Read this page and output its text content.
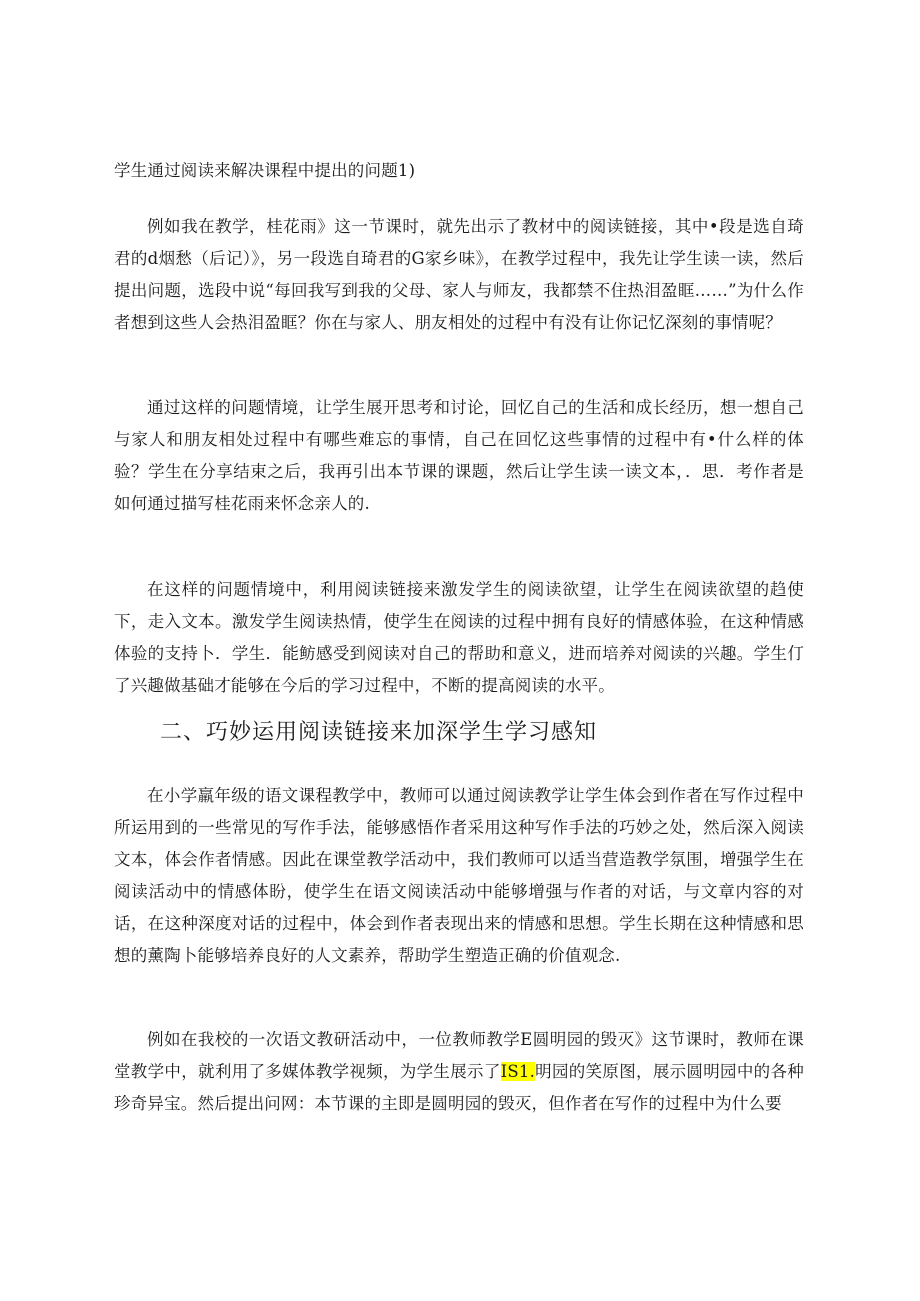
学生通过阅读来解决课程中提出的问题1)

例如我在教学，桂花雨》这一节课时，就先出示了教材中的阅读链接，其中•段是选自琦君的d烟愁（后记）》，另一段选自琦君的G家乡味》，在教学过程中，我先让学生读一读，然后提出问题，选段中说“每回我写到我的父母、家人与师友，我都禁不住热泪盈眶……”为什么作者想到这些人会热泪盈眶？你在与家人、朋友相处的过程中有没有让你记忆深刻的事情呢？

通过这样的问题情境，让学生展开思考和讨论，回忆自己的生活和成长经历，想一想自己与家人和朋友相处过程中有哪些难忘的事情，自己在回忆这些事情的过程中有•什么样的体验？学生在分享结束之后，我再引出本节课的课题，然后让学生读一读文本，．思．考作者是如何通过描写桂花雨来怀念亲人的.

在这样的问题情境中，利用阅读链接来激发学生的阅读欲望，让学生在阅读欲望的趋使下，走入文本。激发学生阅读热情，使学生在阅读的过程中拥有良好的情感体验，在这种情感体验的支持卜．学生．能鲂感受到阅读对自己的帮助和意义，进而培养对阅读的兴趣。学生仃了兴趣做基础才能够在今后的学习过程中，不断的提高阅读的水平。

二、巧妙运用阅读链接来加深学生学习感知

在小学羸年级的语文课程教学中，教师可以通过阅读教学让学生体会到作者在写作过程中所运用到的一些常见的写作手法，能够感悟作者采用这种写作手法的巧妙之处，然后深入阅读文本，体会作者情感。因此在课堂教学活动中，我们教师可以适当营造教学氛围，增强学生在阅读活动中的情感体盼，使学生在语文阅读活动中能够增强与作者的对话，与文章内容的对话，在这种深度对话的过程中，体会到作者表现出来的情感和思想。学生长期在这种情感和思想的薰陶卜能够培养良好的人文素养，帮助学生塑造正确的价值观念.

例如在我校的一次语文教研活动中，一位教师教学E圆明园的毁灭》这节课时，教师在课堂教学中，就利用了多媒体教学视频，为学生展示了IS1.明园的笑原图，展示圆明园中的各种珍奇异宝。然后提出问网：本节课的主即是圆明园的毁灭，但作者在写作的过程中为什么要
